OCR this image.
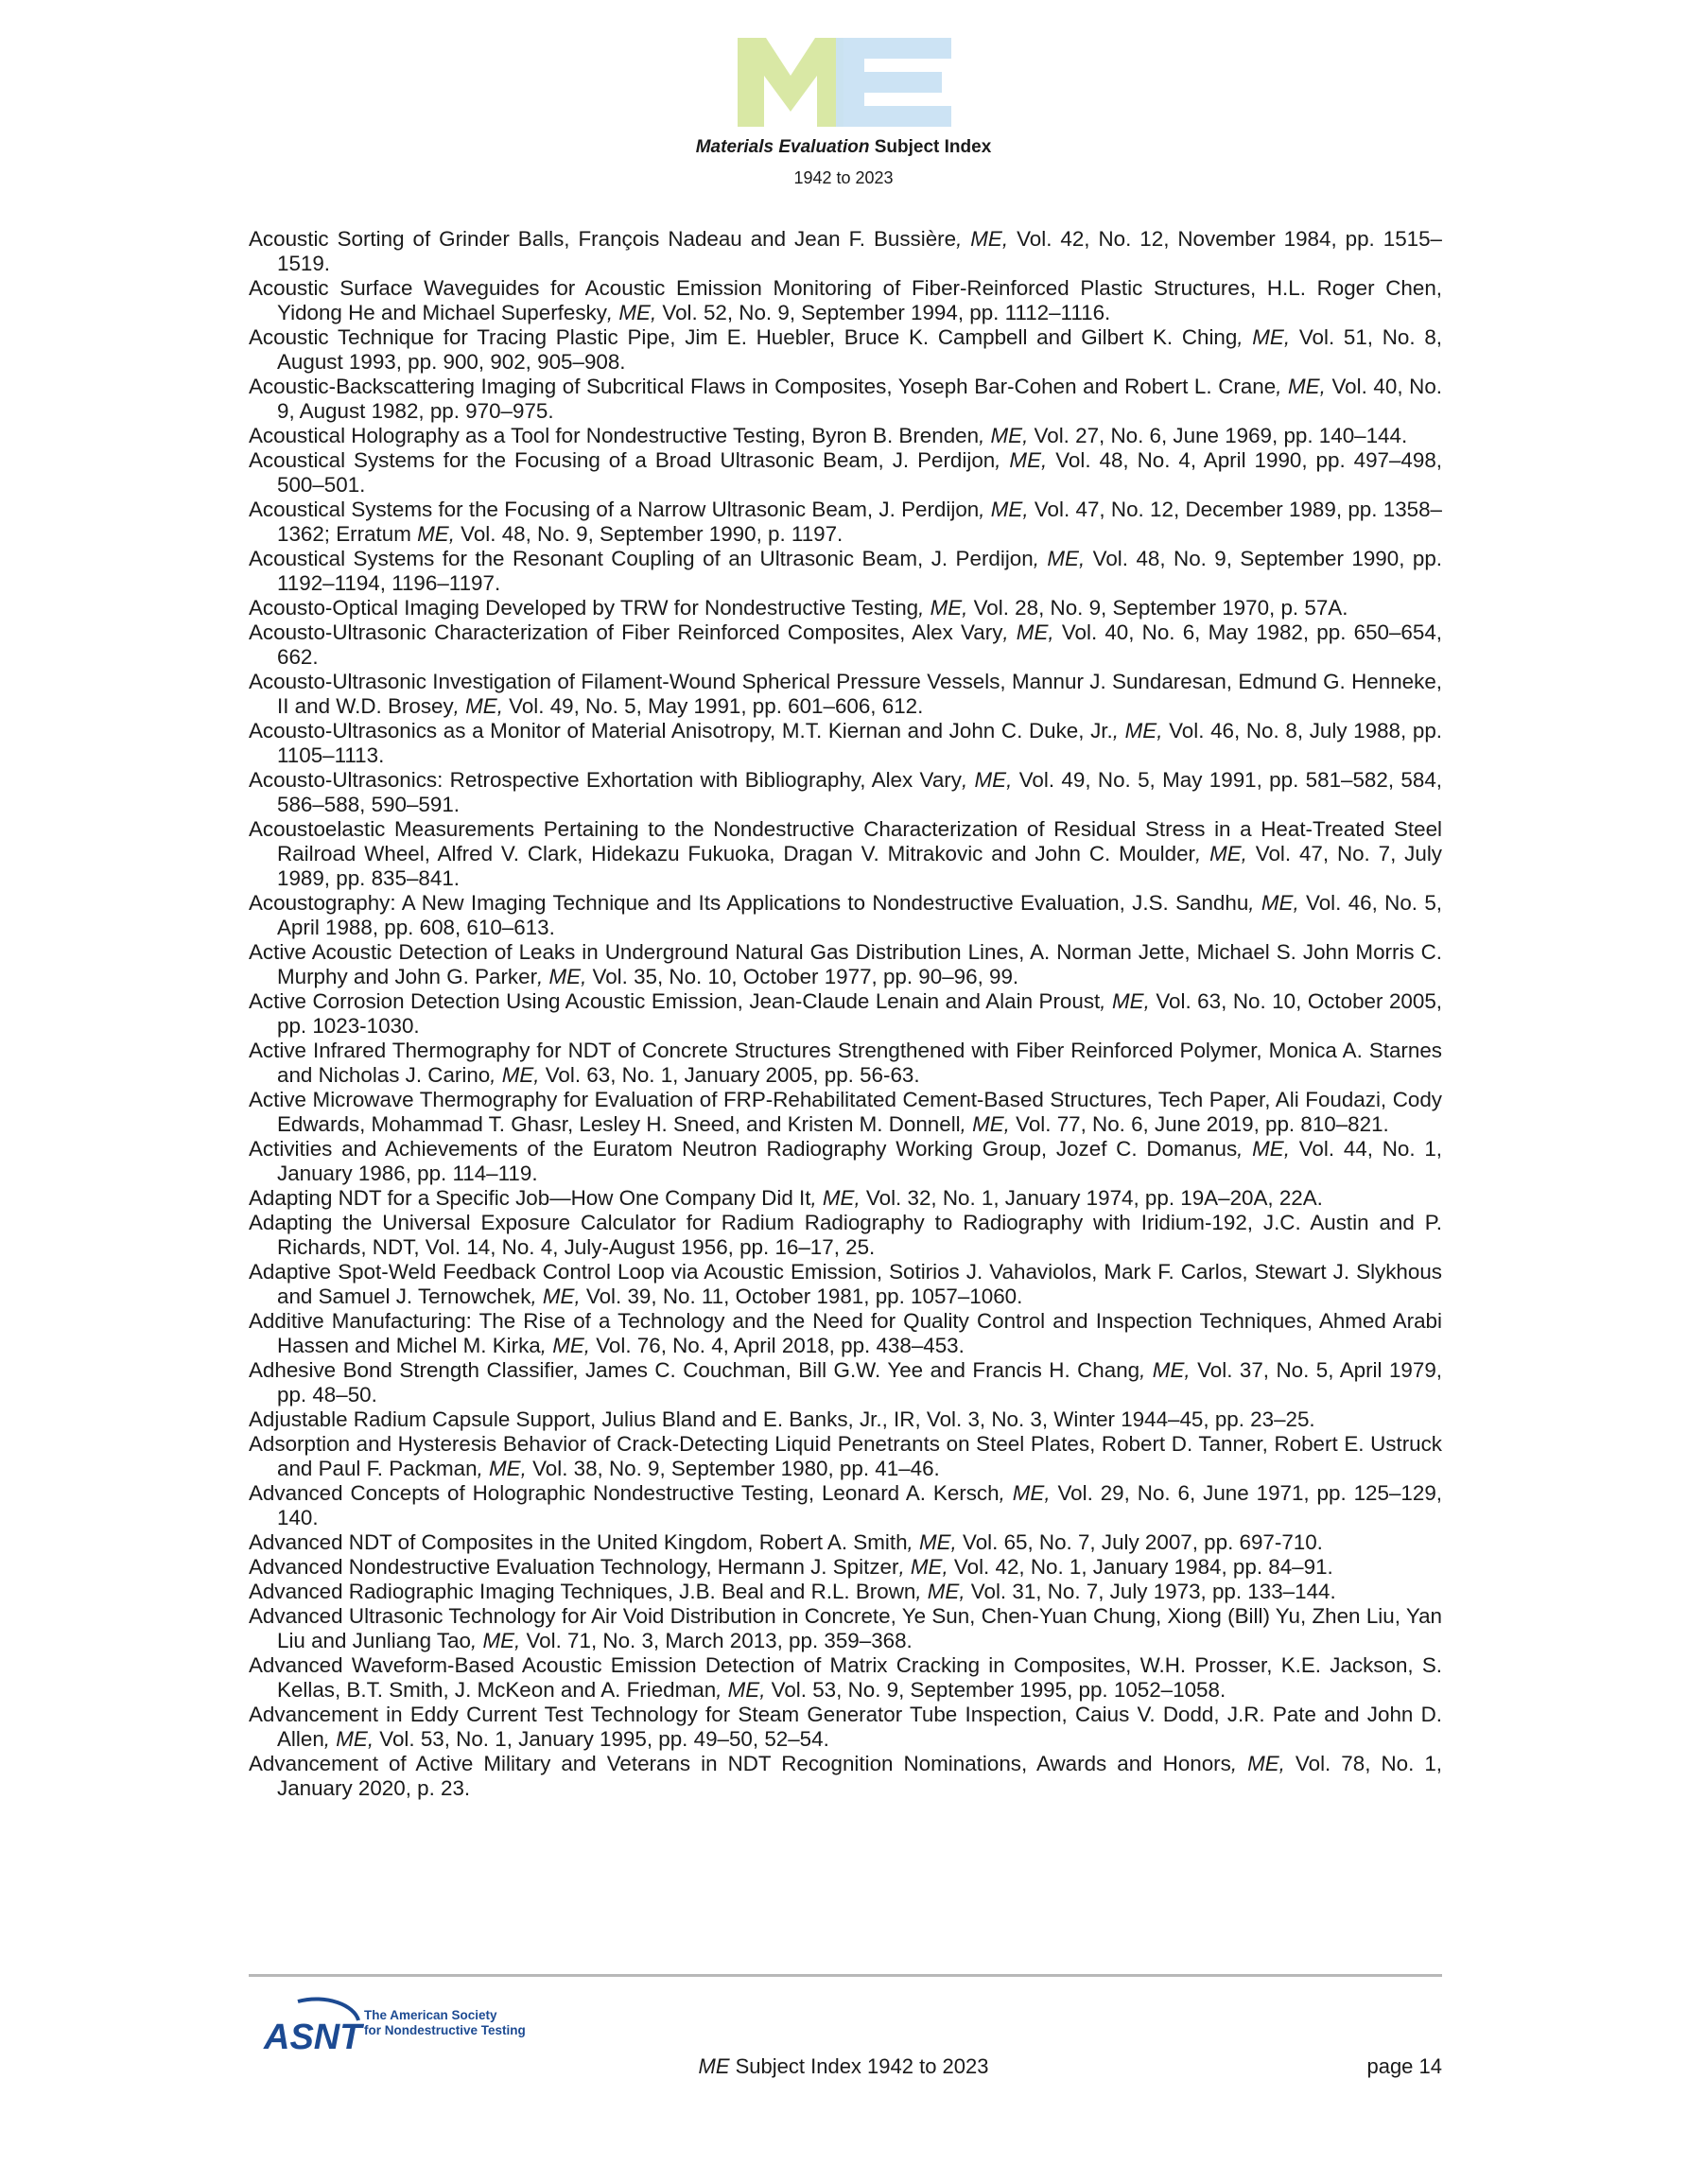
Materials Evaluation Subject Index
1942 to 2023

Acoustic Sorting of Grinder Balls, François Nadeau and Jean F. Bussière, ME, Vol. 42, No. 12, November 1984, pp. 1515–1519.

Acoustic Surface Waveguides for Acoustic Emission Monitoring of Fiber-Reinforced Plastic Structures, H.L. Roger Chen, Yidong He and Michael Superfesky, ME, Vol. 52, No. 9, September 1994, pp. 1112–1116.

Acoustic Technique for Tracing Plastic Pipe, Jim E. Huebler, Bruce K. Campbell and Gilbert K. Ching, ME, Vol. 51, No. 8, August 1993, pp. 900, 902, 905–908.

Acoustic-Backscattering Imaging of Subcritical Flaws in Composites, Yoseph Bar-Cohen and Robert L. Crane, ME, Vol. 40, No. 9, August 1982, pp. 970–975.

Acoustical Holography as a Tool for Nondestructive Testing, Byron B. Brenden, ME, Vol. 27, No. 6, June 1969, pp. 140–144.

Acoustical Systems for the Focusing of a Broad Ultrasonic Beam, J. Perdijon, ME, Vol. 48, No. 4, April 1990, pp. 497–498, 500–501.

Acoustical Systems for the Focusing of a Narrow Ultrasonic Beam, J. Perdijon, ME, Vol. 47, No. 12, December 1989, pp. 1358–1362; Erratum ME, Vol. 48, No. 9, September 1990, p. 1197.

Acoustical Systems for the Resonant Coupling of an Ultrasonic Beam, J. Perdijon, ME, Vol. 48, No. 9, September 1990, pp. 1192–1194, 1196–1197.

Acousto-Optical Imaging Developed by TRW for Nondestructive Testing, ME, Vol. 28, No. 9, September 1970, p. 57A.

Acousto-Ultrasonic Characterization of Fiber Reinforced Composites, Alex Vary, ME, Vol. 40, No. 6, May 1982, pp. 650–654, 662.

Acousto-Ultrasonic Investigation of Filament-Wound Spherical Pressure Vessels, Mannur J. Sundaresan, Edmund G. Henneke, II and W.D. Brosey, ME, Vol. 49, No. 5, May 1991, pp. 601–606, 612.

Acousto-Ultrasonics as a Monitor of Material Anisotropy, M.T. Kiernan and John C. Duke, Jr., ME, Vol. 46, No. 8, July 1988, pp. 1105–1113.

Acousto-Ultrasonics: Retrospective Exhortation with Bibliography, Alex Vary, ME, Vol. 49, No. 5, May 1991, pp. 581–582, 584, 586–588, 590–591.

Acoustoelastic Measurements Pertaining to the Nondestructive Characterization of Residual Stress in a Heat-Treated Steel Railroad Wheel, Alfred V. Clark, Hidekazu Fukuoka, Dragan V. Mitrakovic and John C. Moulder, ME, Vol. 47, No. 7, July 1989, pp. 835–841.

Acoustography: A New Imaging Technique and Its Applications to Nondestructive Evaluation, J.S. Sandhu, ME, Vol. 46, No. 5, April 1988, pp. 608, 610–613.

Active Acoustic Detection of Leaks in Underground Natural Gas Distribution Lines, A. Norman Jette, Michael S. John Morris C. Murphy and John G. Parker, ME, Vol. 35, No. 10, October 1977, pp. 90–96, 99.

Active Corrosion Detection Using Acoustic Emission, Jean-Claude Lenain and Alain Proust, ME, Vol. 63, No. 10, October 2005, pp. 1023-1030.

Active Infrared Thermography for NDT of Concrete Structures Strengthened with Fiber Reinforced Polymer, Monica A. Starnes and Nicholas J. Carino, ME, Vol. 63, No. 1, January 2005, pp. 56-63.

Active Microwave Thermography for Evaluation of FRP-Rehabilitated Cement-Based Structures, Tech Paper, Ali Foudazi, Cody Edwards, Mohammad T. Ghasr, Lesley H. Sneed, and Kristen M. Donnell, ME, Vol. 77, No. 6, June 2019, pp. 810–821.

Activities and Achievements of the Euratom Neutron Radiography Working Group, Jozef C. Domanus, ME, Vol. 44, No. 1, January 1986, pp. 114–119.

Adapting NDT for a Specific Job—How One Company Did It, ME, Vol. 32, No. 1, January 1974, pp. 19A–20A, 22A.

Adapting the Universal Exposure Calculator for Radium Radiography to Radiography with Iridium-192, J.C. Austin and P. Richards, NDT, Vol. 14, No. 4, July-August 1956, pp. 16–17, 25.

Adaptive Spot-Weld Feedback Control Loop via Acoustic Emission, Sotirios J. Vahaviolos, Mark F. Carlos, Stewart J. Slykhous and Samuel J. Ternowchek, ME, Vol. 39, No. 11, October 1981, pp. 1057–1060.

Additive Manufacturing: The Rise of a Technology and the Need for Quality Control and Inspection Techniques, Ahmed Arabi Hassen and Michel M. Kirka, ME, Vol. 76, No. 4, April 2018, pp. 438–453.

Adhesive Bond Strength Classifier, James C. Couchman, Bill G.W. Yee and Francis H. Chang, ME, Vol. 37, No. 5, April 1979, pp. 48–50.

Adjustable Radium Capsule Support, Julius Bland and E. Banks, Jr., IR, Vol. 3, No. 3, Winter 1944–45, pp. 23–25.

Adsorption and Hysteresis Behavior of Crack-Detecting Liquid Penetrants on Steel Plates, Robert D. Tanner, Robert E. Ustruck and Paul F. Packman, ME, Vol. 38, No. 9, September 1980, pp. 41–46.

Advanced Concepts of Holographic Nondestructive Testing, Leonard A. Kersch, ME, Vol. 29, No. 6, June 1971, pp. 125–129, 140.

Advanced NDT of Composites in the United Kingdom, Robert A. Smith, ME, Vol. 65, No. 7, July 2007, pp. 697-710.

Advanced Nondestructive Evaluation Technology, Hermann J. Spitzer, ME, Vol. 42, No. 1, January 1984, pp. 84–91.

Advanced Radiographic Imaging Techniques, J.B. Beal and R.L. Brown, ME, Vol. 31, No. 7, July 1973, pp. 133–144.

Advanced Ultrasonic Technology for Air Void Distribution in Concrete, Ye Sun, Chen-Yuan Chung, Xiong (Bill) Yu, Zhen Liu, Yan Liu and Junliang Tao, ME, Vol. 71, No. 3, March 2013, pp. 359–368.

Advanced Waveform-Based Acoustic Emission Detection of Matrix Cracking in Composites, W.H. Prosser, K.E. Jackson, S. Kellas, B.T. Smith, J. McKeon and A. Friedman, ME, Vol. 53, No. 9, September 1995, pp. 1052–1058.

Advancement in Eddy Current Test Technology for Steam Generator Tube Inspection, Caius V. Dodd, J.R. Pate and John D. Allen, ME, Vol. 53, No. 1, January 1995, pp. 49–50, 52–54.

Advancement of Active Military and Veterans in NDT Recognition Nominations, Awards and Honors, ME, Vol. 78, No. 1, January 2020, p. 23.

ASNT
The American Society
for Nondestructive Testing
ME Subject Index 1942 to 2023	page 14
